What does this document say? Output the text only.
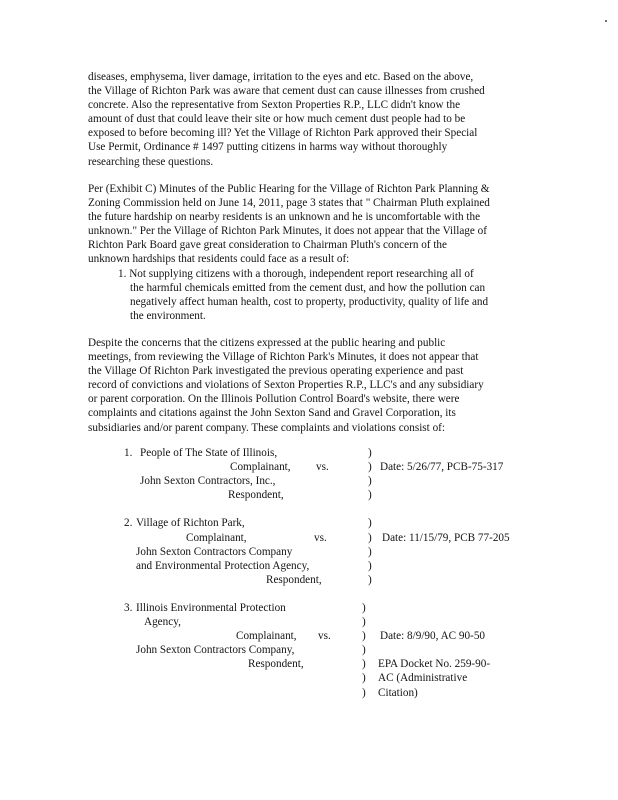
diseases, emphysema, liver damage, irritation to the eyes and etc. Based on the above,
the Village of Richton Park was aware that cement dust can cause illnesses from crushed
concrete. Also the representative from Sexton Properties R.P., LLC didn't know the
amount of dust that could leave their site or how much cement dust people had to be
exposed to before becoming ill? Yet the Village of Richton Park approved their Special
Use Permit, Ordinance # 1497 putting citizens in harms way without thoroughly
researching these questions.
Per (Exhibit C) Minutes of the Public Hearing for the Village of Richton Park Planning &
Zoning Commission held on June 14, 2011, page 3 states that " Chairman Pluth explained
the future hardship on nearby residents is an unknown and he is uncomfortable with the
unknown." Per the Village of Richton Park Minutes, it does not appear that the Village of
Richton Park Board gave great consideration to Chairman Pluth's concern of the
unknown hardships that residents could face as a result of:
1. Not supplying citizens with a thorough, independent report researching all of
the harmful chemicals emitted from the cement dust, and how the pollution can
negatively affect human health, cost to property, productivity, quality of life and
the environment.
Despite the concerns that the citizens expressed at the public hearing and public
meetings, from reviewing the Village of Richton Park's Minutes, it does not appear that
the Village Of Richton Park investigated the previous operating experience and past
record of convictions and violations of Sexton Properties R.P., LLC's and any subsidiary
or parent corporation. On the Illinois Pollution Control Board's website, there were
complaints and citations against the John Sexton Sand and Gravel Corporation, its
subsidiaries and/or parent company. These complaints and violations consist of:
1. People of The State of Illinois,
Complainant, vs.
John Sexton Contractors, Inc.,
Respondent,
)
)
)
)
Date: 5/26/77, PCB-75-317
2. Village of Richton Park,
Complainant,	vs.
John Sexton Contractors Company
and Environmental Protection Agency,
Respondent,
)
)
)
)
)
Date: 11/15/79, PCB 77-205
3. Illinois Environmental Protection
Agency,
Complainant, vs.
John Sexton Contractors Company,
Respondent,
)
)
)
)
)
)
)
Date: 8/9/90, AC 90-50
EPA Docket No. 259-90-
AC (Administrative
Citation)
